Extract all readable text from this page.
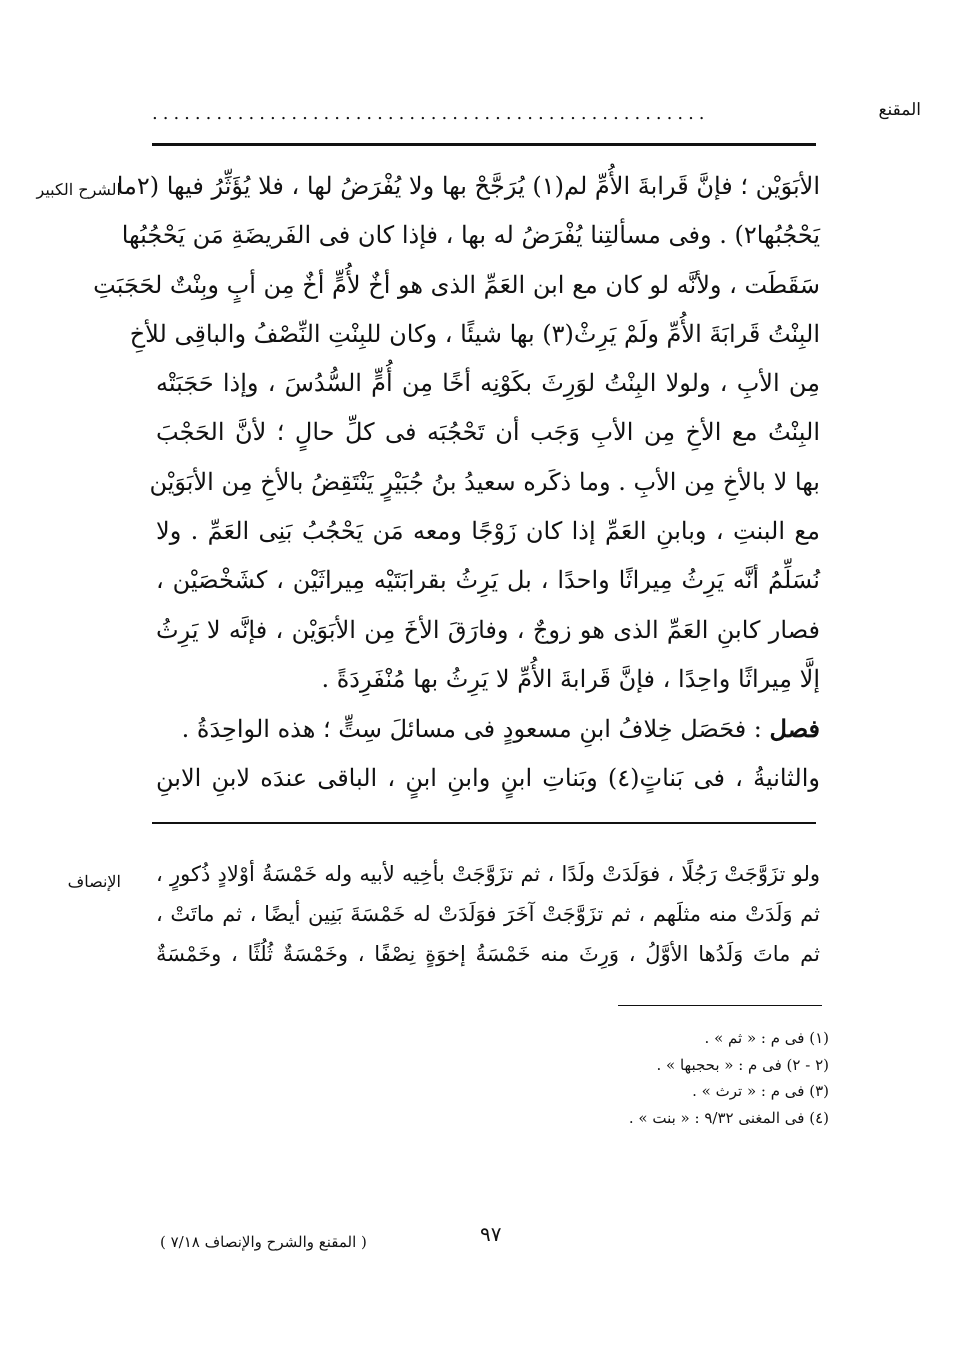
المقنع
....................................................
الشرح الكبير
الأبَوَيْن ؛ فإنَّ قَرابةَ الأُمِّ لم(١) يُرَجَّحْ بها ولا يُفْرَضُ لها ، فلا يُؤَثِّرُ فيها (٢ما
يَحْجُبُها٢) . وفى مسألتِنا يُفْرَضُ له بها ، فإذا كان فى الفَريضَةِ مَن يَحْجُبُها
سَقَطَت ، ولأنَّه لو كان مع ابن العَمِّ الذى هو أخٌ لأُمٍّ أخٌ مِن أبٍ وبِنْتٌ لحَجَبَتِ
البِنْتُ قَرابَةَ الأُمِّ ولَمْ يَرِثْ(٣) بها شيئًا ، وكان للبِنْتِ النِّصْفُ والباقِى للأخِ
مِن الأبِ ، ولولا البِنْتُ لوَرِثَ بكَوْنِه أخًا مِن أُمٍّ السُّدُسَ ، وإذا حَجَبَتْه
البِنْتُ مع الأخِ مِن الأبِ وَجَب أن تَحْجُبَه فى كلِّ حالٍ ؛ لأنَّ الحَجْبَ
بها لا بالأخِ مِن الأبِ . وما ذكَره سعيدُ بنُ جُبَيْرٍ يَنْتَقِضُ بالأخِ مِن الأبَوَيْن
مع البنتِ ، وبابنِ العَمِّ إذا كان زَوْجًا ومعه مَن يَحْجُبُ بَنِى العَمِّ . ولا
نُسَلِّمُ أنَّه يَرِثُ مِيراثًا واحدًا ، بل يَرِثُ بقرابَتَيْه مِيراثَيْن ، كشَخْصَيْن ،
فصار كابنِ العَمِّ الذى هو زوجٌ ، وفارَقَ الأخَ مِن الأبَوَيْن ، فإنَّه لا يَرِثُ
إلَّا مِيراثًا واحِدًا ، فإنَّ قَرابةَ الأُمِّ لا يَرِثُ بها مُنْفَرِدَةً .
فصل : فحَصَل خِلافُ ابنِ مسعودٍ فى مسائلَ سِتٍّ ؛ هذه الواحِدَةُ .
والثانيةُ ، فى بَناتٍ(٤) وبَناتِ ابنٍ وابنِ ابنٍ ، الباقى عندَه لابنِ الابنِ
الإنصاف ولو تزَوَّجَتْ رَجُلًا ، فوَلَدَتْ ولَدًا ، ثم تزَوَّجَتْ بأخِيه لأبيه وله خَمْسَةُ أوْلادٍ ذُكورٍ ،
ثم وَلَدَتْ منه مثلَهم ، ثم تزَوَّجَتْ آخَرَ فوَلَدَتْ له خَمْسَةَ بَنِين أيضًا ، ثم ماتَتْ ،
ثم ماتَ وَلَدُها الأوَّلُ ، وَرِثَ منه خَمْسَةُ إخوَةٍ نِصْفًا ، وخَمْسَةٌ ثُلُثًا ، وخَمْسَةٌ
(١) فى م : « ثم » .
(٢ - ٢) فى م : « بحجبها » .
(٣) فى م : « ترث » .
(٤) فى المغنى ٩/٣٢ : « بنت » .
٩٧
( المقنع والشرح والإنصاف ٧/١٨ )
